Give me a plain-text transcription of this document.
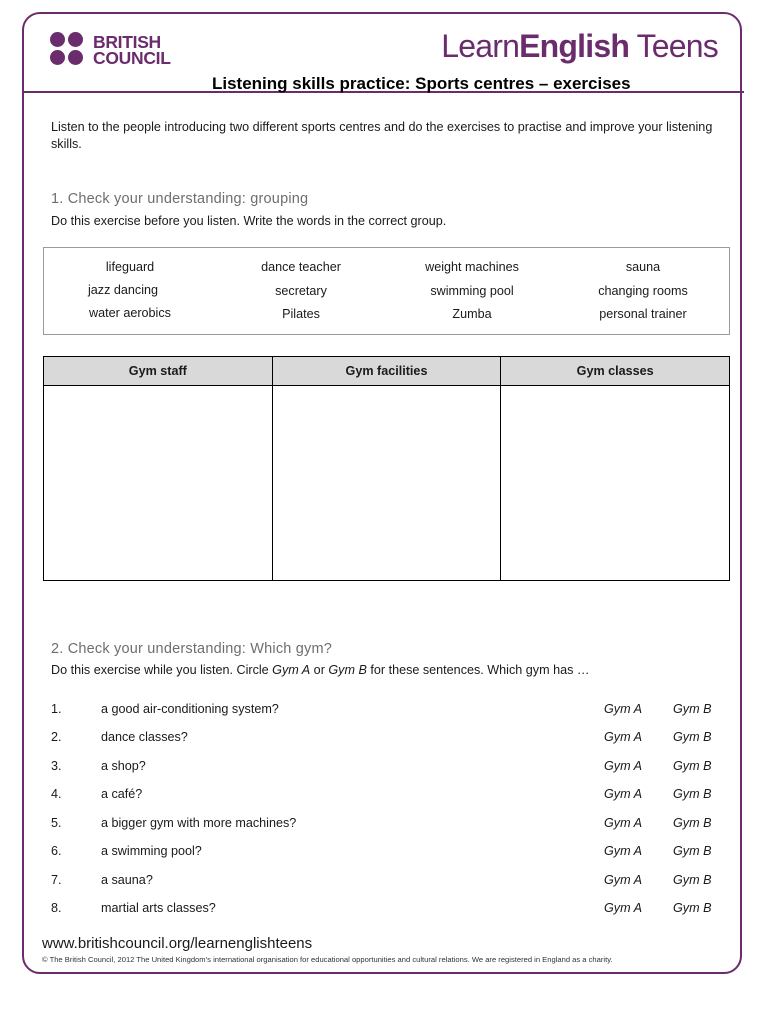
BRITISH
COUNCIL	LearnEnglish Teens
Listening skills practice: Sports centres – exercises
Listen to the people introducing two different sports centres and do the exercises to practise and improve your listening skills.
1. Check your understanding: grouping
Do this exercise before you listen. Write the words in the correct group.
lifeguard	dance teacher	weight machines	sauna
jazz dancing	secretary	swimming pool	changing rooms
water aerobics	Pilates	Zumba	personal trainer
Gym staff	Gym facilities	Gym classes
2. Check your understanding: Which gym?
Do this exercise while you listen. Circle Gym A or Gym B for these sentences. Which gym has …
1.	a good air-conditioning system?	Gym A Gym B
2.	dance classes?	Gym A Gym B
3.	a shop?	Gym A Gym B
4.	a café?	Gym A Gym B
5.	a bigger gym with more machines?	Gym A Gym B
6.	a swimming pool?	Gym A Gym B
7.	a sauna?	Gym A Gym B
8.	martial arts classes?	Gym A Gym B
www.britishcouncil.org/learnenglishteens
© The British Council, 2012 The United Kingdom’s international organisation for educational opportunities and cultural relations. We are registered in England as a charity.
